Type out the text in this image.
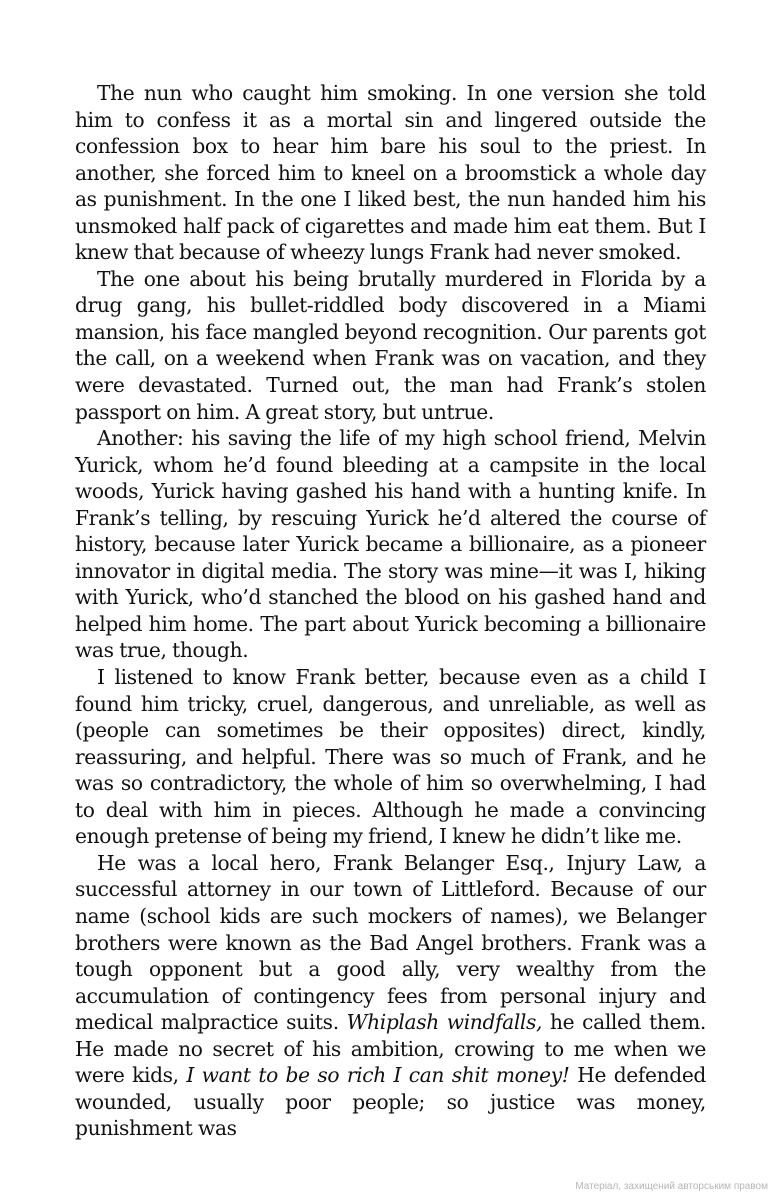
The nun who caught him smoking. In one version she told him to confess it as a mortal sin and lingered outside the confession box to hear him bare his soul to the priest. In another, she forced him to kneel on a broomstick a whole day as punishment. In the one I liked best, the nun handed him his unsmoked half pack of cigarettes and made him eat them. But I knew that because of wheezy lungs Frank had never smoked.

The one about his being brutally murdered in Florida by a drug gang, his bullet-riddled body discovered in a Miami mansion, his face mangled beyond recognition. Our parents got the call, on a weekend when Frank was on vacation, and they were devastated. Turned out, the man had Frank’s stolen passport on him. A great story, but untrue.

Another: his saving the life of my high school friend, Melvin Yurick, whom he’d found bleeding at a campsite in the local woods, Yurick having gashed his hand with a hunting knife. In Frank’s telling, by rescuing Yurick he’d altered the course of history, because later Yurick became a billionaire, as a pioneer innovator in digital media. The story was mine—it was I, hiking with Yurick, who’d stanched the blood on his gashed hand and helped him home. The part about Yurick becoming a billionaire was true, though.

I listened to know Frank better, because even as a child I found him tricky, cruel, dangerous, and unreliable, as well as (people can sometimes be their opposites) direct, kindly, reassuring, and helpful. There was so much of Frank, and he was so contradictory, the whole of him so overwhelming, I had to deal with him in pieces. Although he made a convincing enough pretense of being my friend, I knew he didn’t like me.

He was a local hero, Frank Belanger Esq., Injury Law, a successful attorney in our town of Littleford. Because of our name (school kids are such mockers of names), we Belanger brothers were known as the Bad Angel brothers. Frank was a tough opponent but a good ally, very wealthy from the accumulation of contingency fees from personal injury and medical malpractice suits. Whiplash windfalls, he called them. He made no secret of his ambition, crowing to me when we were kids, I want to be so rich I can shit money! He defended wounded, usually poor people; so justice was money, punishment was

Матеріал, захищений авторським правом
